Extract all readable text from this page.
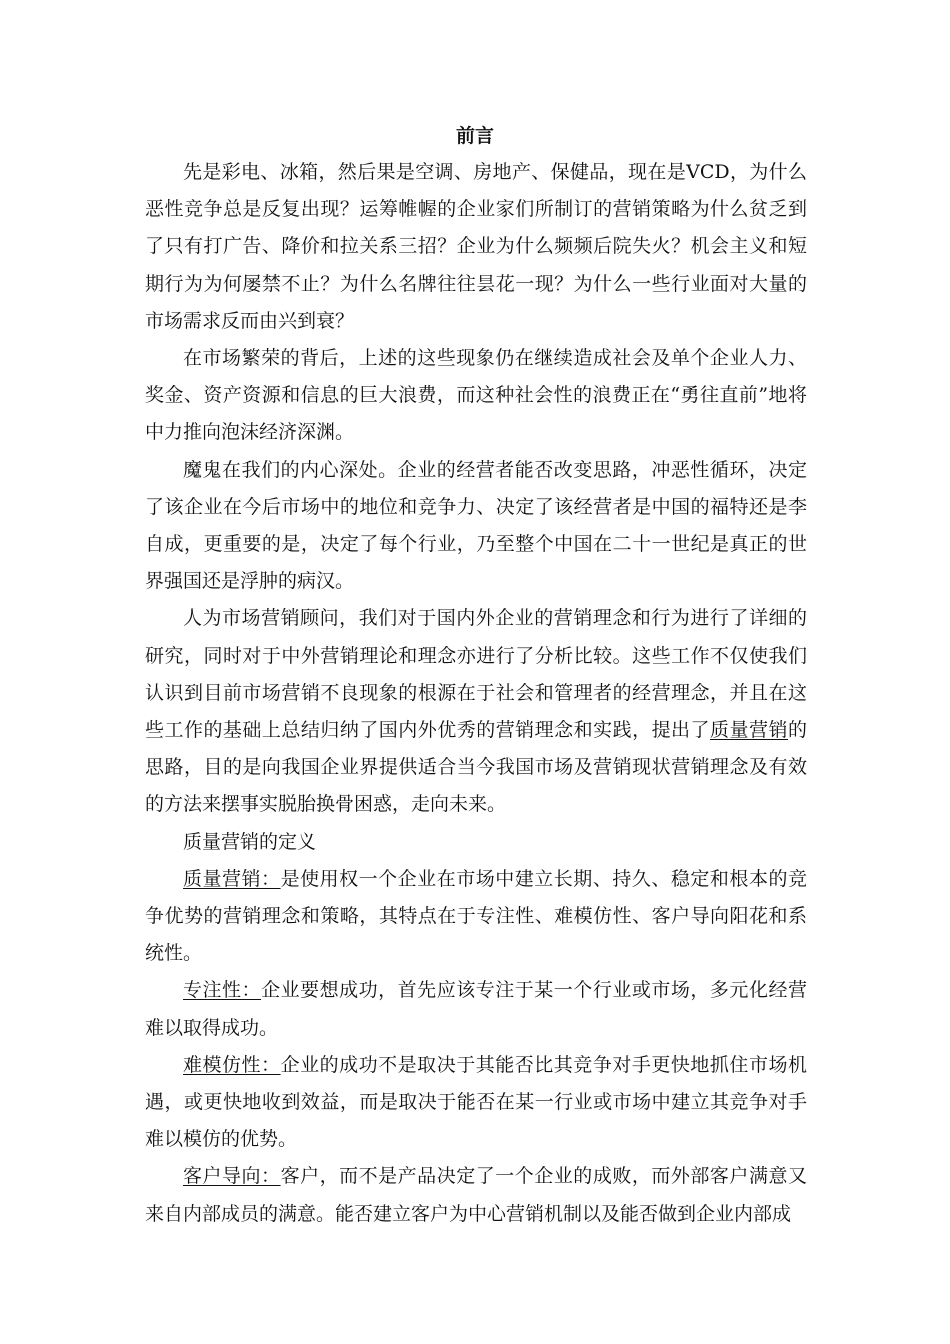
前言

先是彩电、冰箱，然后果是空调、房地产、保健品，现在是VCD，为什么恶性竞争总是反复出现？运筹帷幄的企业家们所制订的营销策略为什么贫乏到了只有打广告、降价和拉关系三招？企业为什么频频后院失火？机会主义和短期行为为何屡禁不止？为什么名牌往往昙花一现？为什么一些行业面对大量的市场需求反而由兴到衰？

在市场繁荣的背后，上述的这些现象仍在继续造成社会及单个企业人力、奖金、资产资源和信息的巨大浪费，而这种社会性的浪费正在“勇往直前”地将中力推向泡沫经济深渊。

魔鬼在我们的内心深处。企业的经营者能否改变思路，冲恶性循环，决定了该企业在今后市场中的地位和竞争力、决定了该经营者是中国的福特还是李自成，更重要的是，决定了每个行业，乃至整个中国在二十一世纪是真正的世界强国还是浮肿的病汉。

人为市场营销顾问，我们对于国内外企业的营销理念和行为进行了详细的研究，同时对于中外营销理论和理念亦进行了分析比较。这些工作不仅使我们认识到目前市场营销不良现象的根源在于社会和管理者的经营理念，并且在这些工作的基础上总结归纳了国内外优秀的营销理念和实践，提出了质量营销的思路，目的是向我国企业界提供适合当今我国市场及营销现状营销理念及有效的方法来摆事实脱胎换骨困惑，走向未来。

质量营销的定义

质量营销：是使用权一个企业在市场中建立长期、持久、稳定和根本的竞争优势的营销理念和策略，其特点在于专注性、难模仿性、客户导向阳花和系统性。

专注性：企业要想成功，首先应该专注于某一个行业或市场，多元化经营难以取得成功。

难模仿性：企业的成功不是取决于其能否比其竞争对手更快地抓住市场机遇，或更快地收到效益，而是取决于能否在某一行业或市场中建立其竞争对手难以模仿的优势。

客户导向：客户，而不是产品决定了一个企业的成败，而外部客户满意又来自内部成员的满意。能否建立客户为中心营销机制以及能否做到企业内部成
